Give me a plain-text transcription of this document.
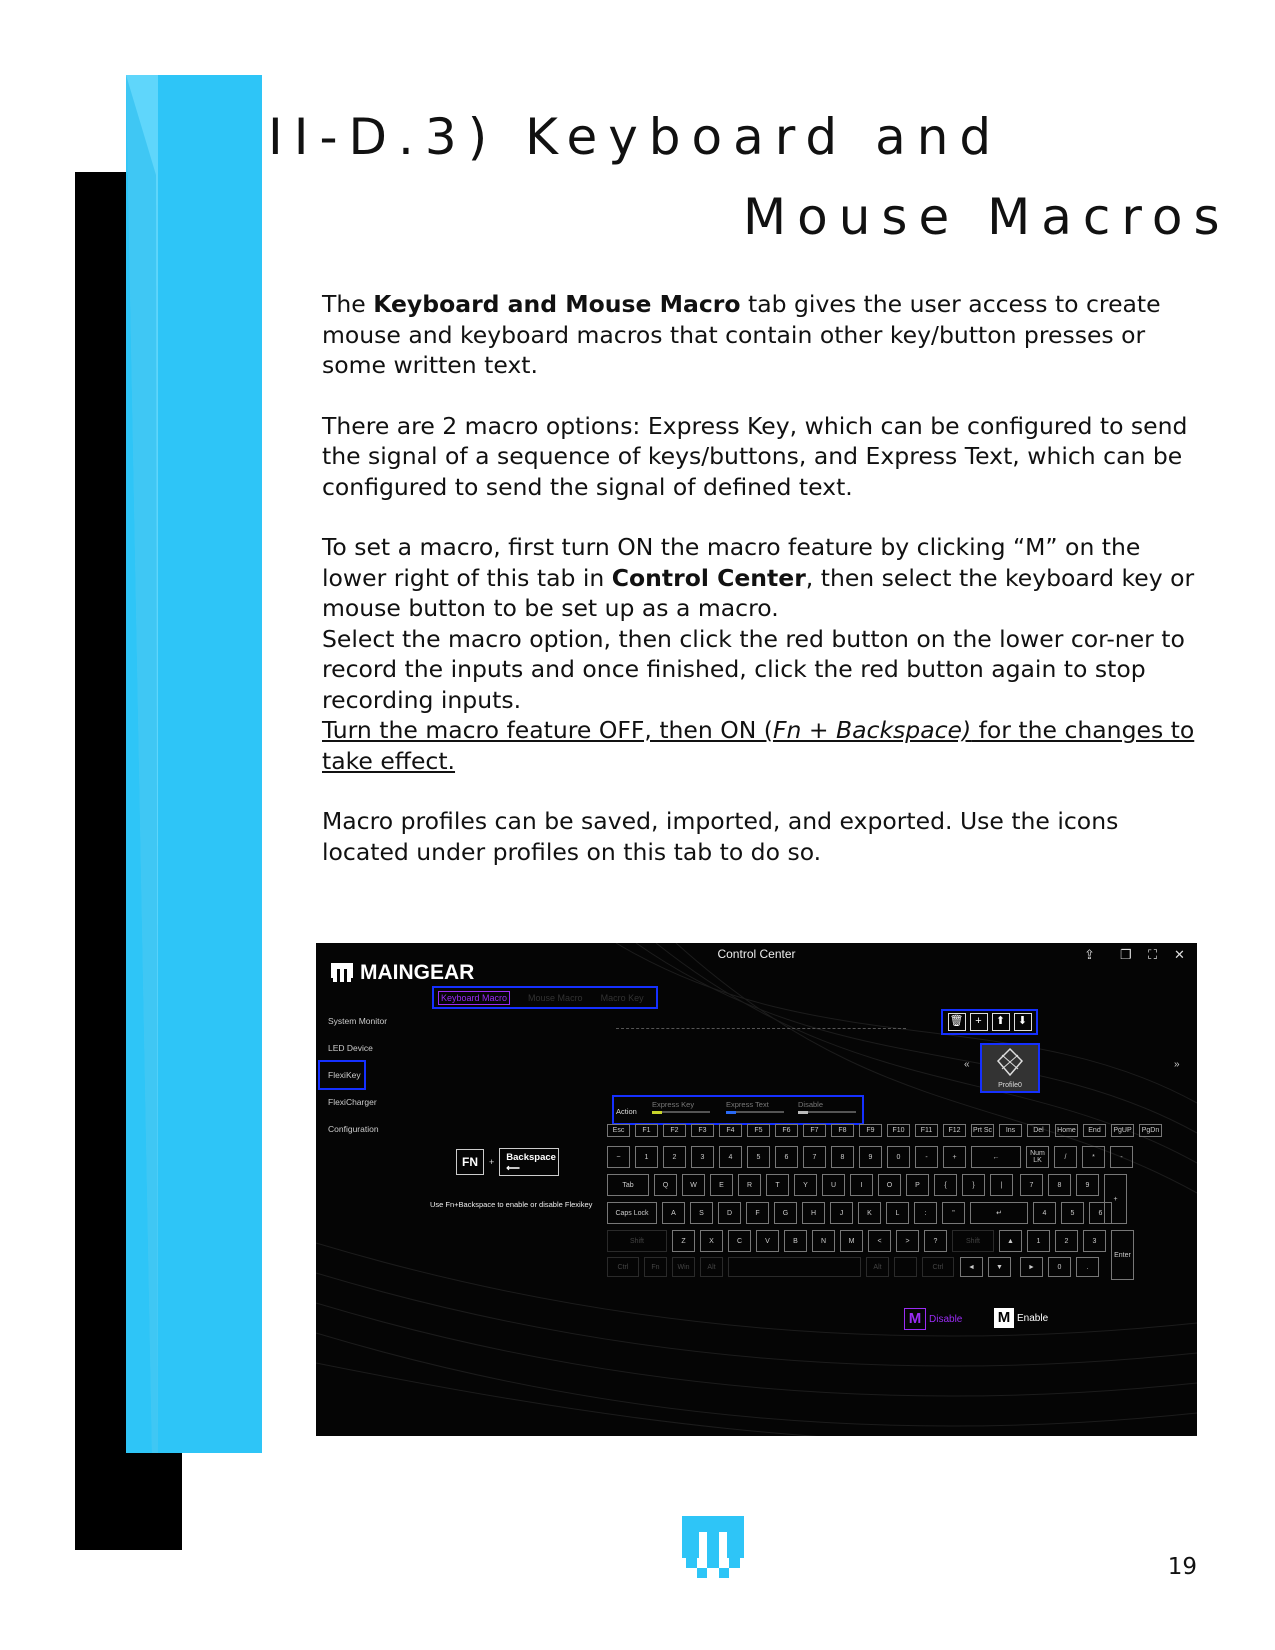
II-D.3) Keyboard and
Mouse Macros

The Keyboard and Mouse Macro tab gives the user access to create mouse and keyboard macros that contain other key/button presses or some written text.

There are 2 macro options: Express Key, which can be configured to send the signal of a sequence of keys/buttons, and Express Text, which can be configured to send the signal of defined text.

To set a macro, first turn ON the macro feature by clicking “M” on the lower right of this tab in Control Center, then select the keyboard key or mouse button to be set up as a macro.
Select the macro option, then click the red button on the lower cor-ner to record the inputs and once finished, click the red button again to stop recording inputs.
Turn the macro feature OFF, then ON (Fn + Backspace) for the changes to take effect.

Macro profiles can be saved, imported, and exported. Use the icons located under profiles on this tab to do so.

Control Center	⇪ ❐ ⛶ ✕
MAINGEAR
Keyboard Macro	Mouse Macro Macro Key
System Monitor
LED Device
FlexiKey
FlexiCharger
Configuration
🗑	+	⬆	⬇
«
Profile0
»
Action
Express Key	Express Text	Disable
FN	+	Backspace
⟵
Use Fn+Backspace to enable or disable Flexikey
Esc	F1	F2	F3	F4	F5	F6	F7	F8	F9	F10	F11	F12	Prt Sc	Ins	Del	Home	End	PgUP	PgDn
~	1	2	3	4	5	6	7	8	9	0	-	+	←	Num LK	/	*	-
Tab	Q	W	E	R	T	Y	U	I	O	P	{	}	|	7	8	9
+
Caps Lock	A	S	D	F	G	H	J	K	L	:	"	↵	4	5	6
Shift	Z	X	C	V	B	N	M	<	>	?	Shift	▲	1	2	3
Enter
Ctrl	Fn	Win	Alt	Alt	Ctrl	◄	▼	►	0	.
M Disable M Enable
19
